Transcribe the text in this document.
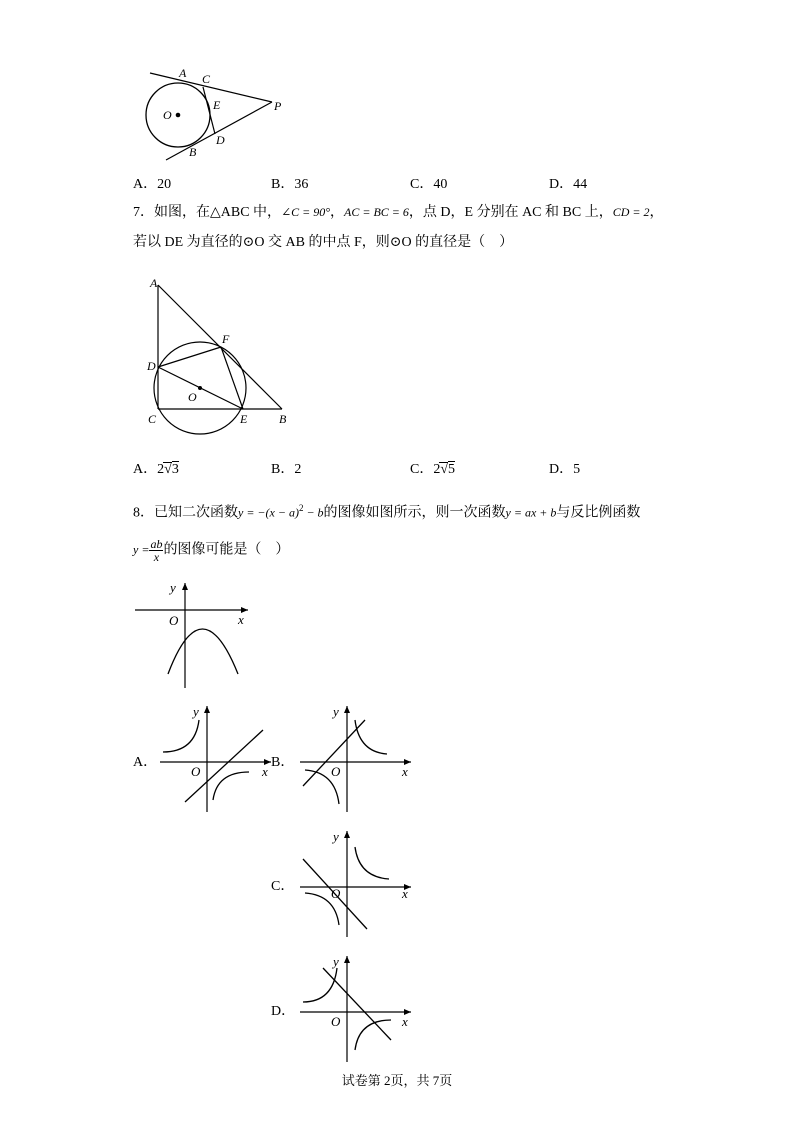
A C
O
E	P
D
B
A．20	B．36	C．40	D．44
7．如图，在△ABC 中，∠C = 90°，AC = BC = 6，点 D，E 分别在 AC 和 BC 上，CD = 2，
若以 DE 为直径的⊙O 交 AB 的中点 F，则⊙O 的直径是（　）
A
F
D
O
C	E	B
A．2√3	B．2	C．2√5	D．5
8．已知二次函数$y = -(x - a)^2 - b$的图像如图所示，则一次函数y = ax + b与反比例函数
$y = \frac{ab}{x}$ 的图像可能是（　）
y
O	x
A．
y
O	x
B．
y
O	x
C．
y
O	x
D．
y
O	x
试卷第 2页，共 7页
